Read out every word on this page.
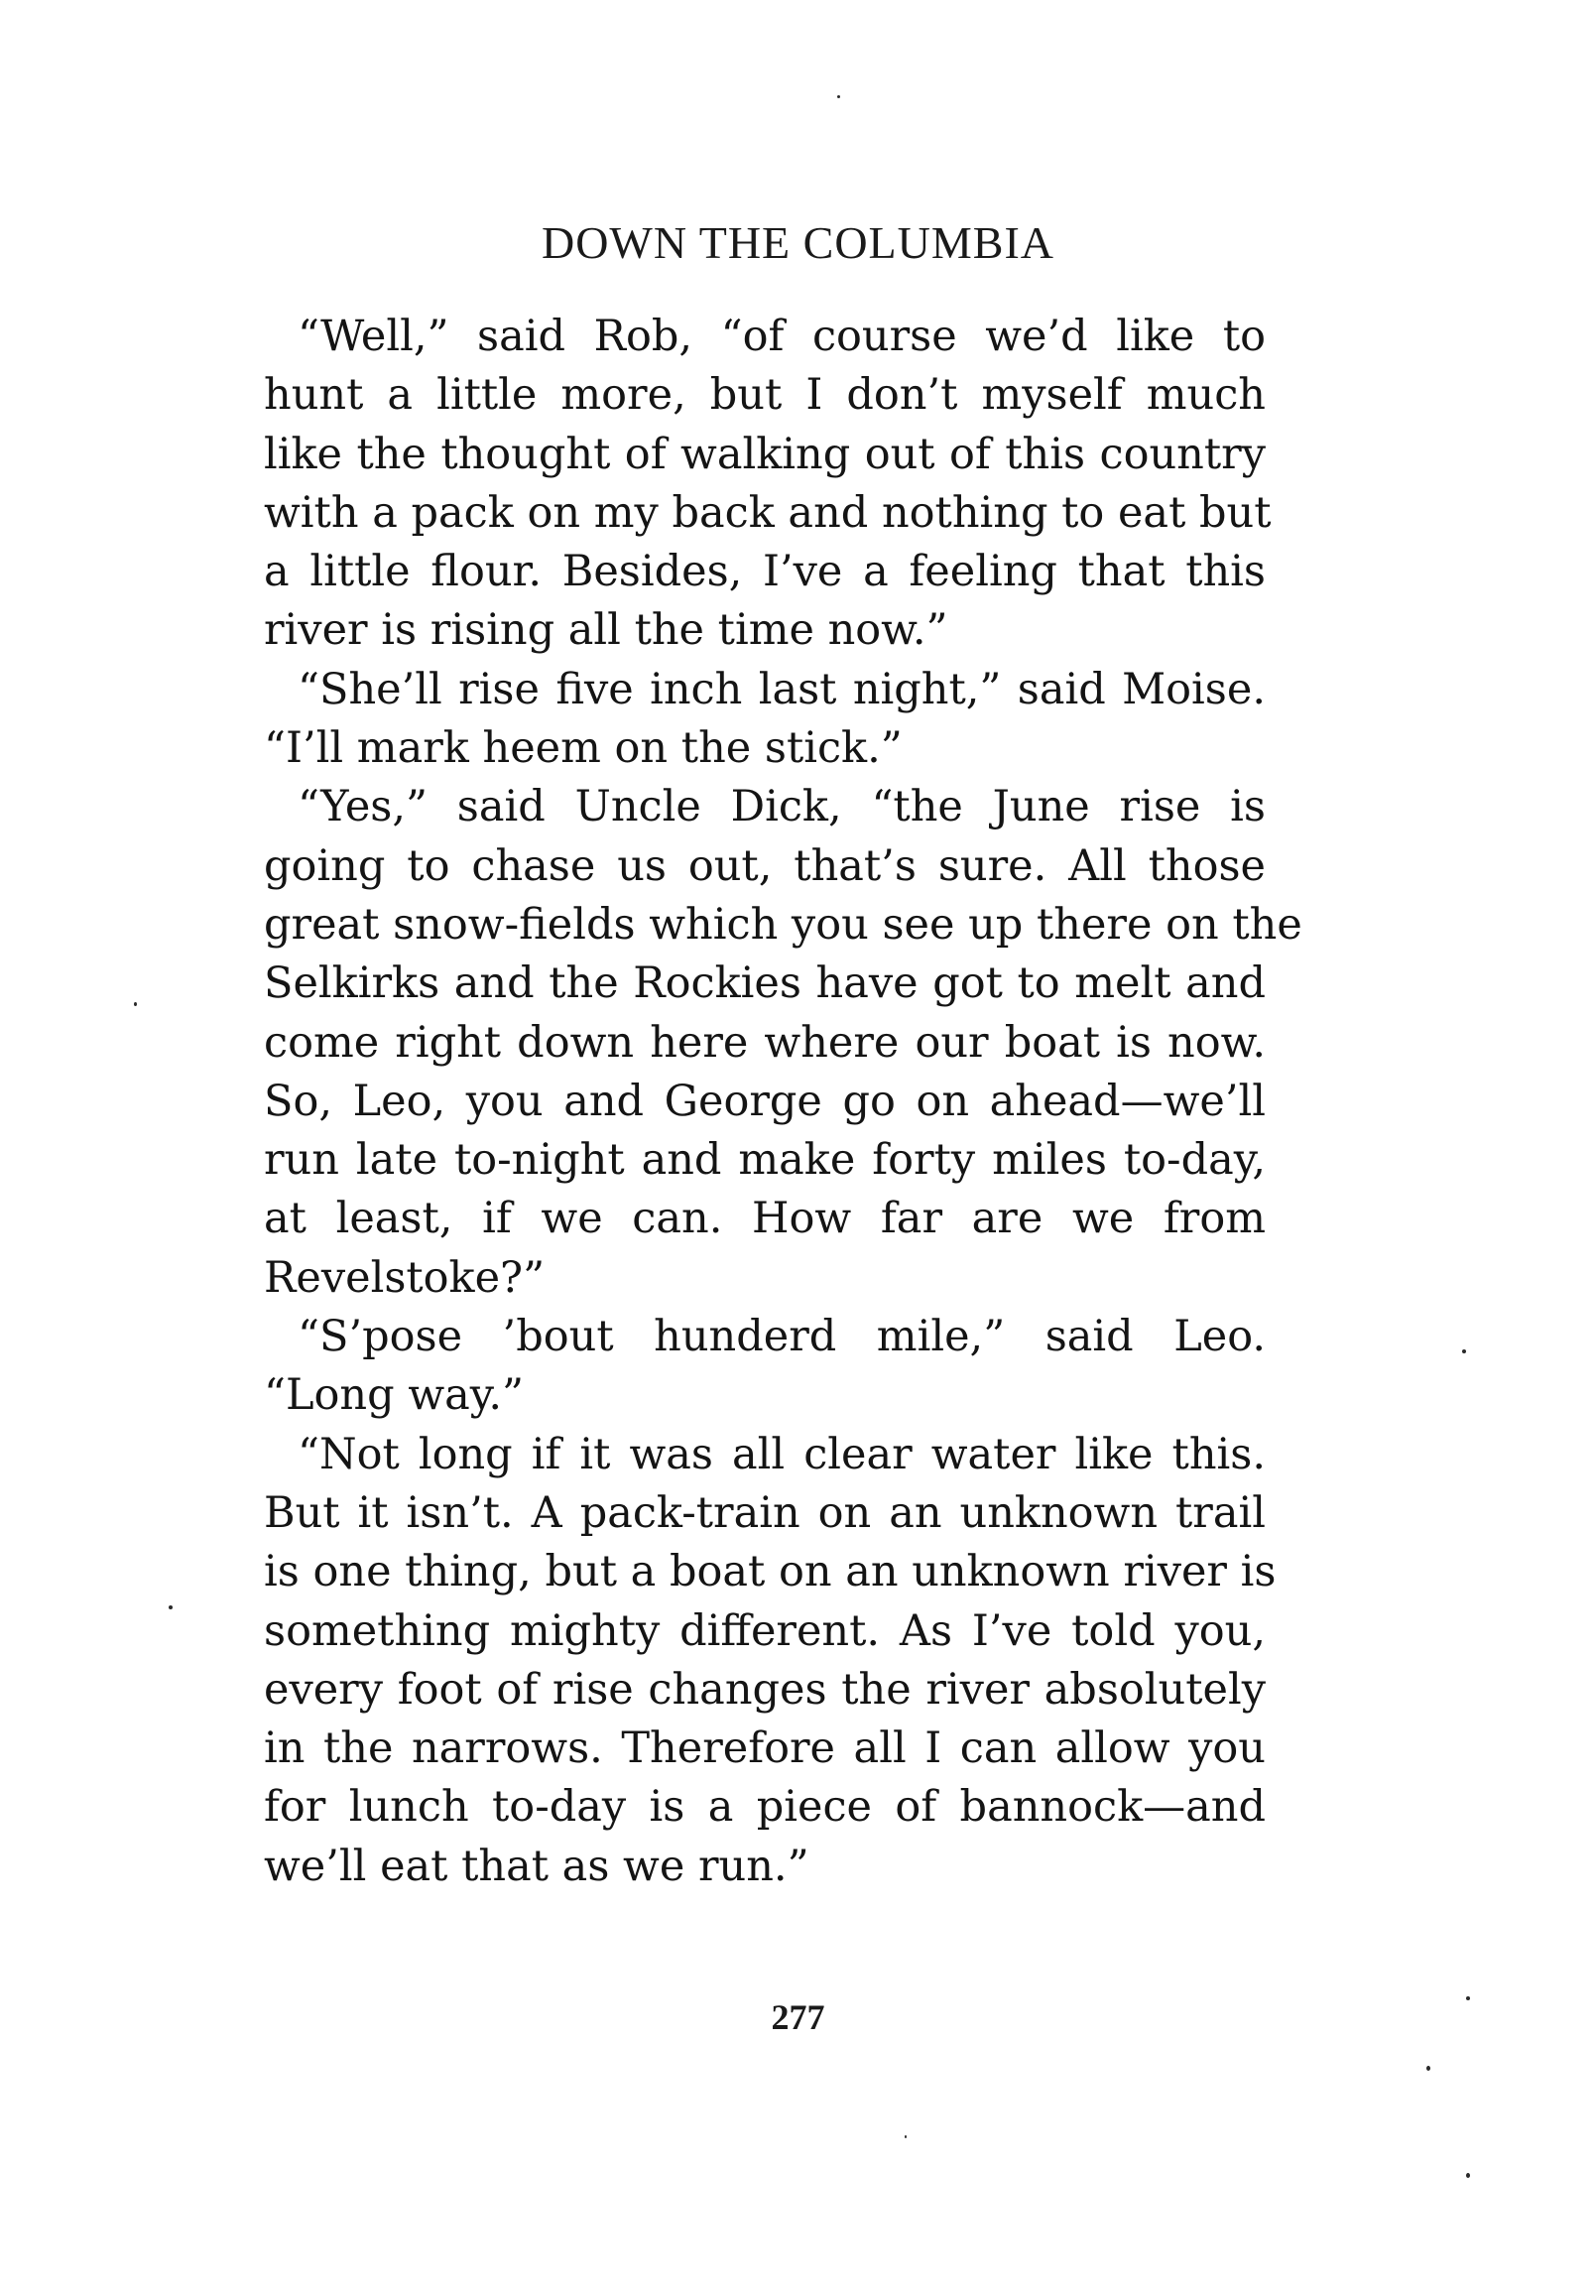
DOWN THE COLUMBIA
“Well,” said Rob, “of course we’d like to
hunt a little more, but I don’t myself much
like the thought of walking out of this country
with a pack on my back and nothing to eat but
a little flour. Besides, I’ve a feeling that this
river is rising all the time now.”
“She’ll rise five inch last night,” said Moise.
“I’ll mark heem on the stick.”
“Yes,” said Uncle Dick, “the June rise is
going to chase us out, that’s sure. All those
great snow-fields which you see up there on the
Selkirks and the Rockies have got to melt and
come right down here where our boat is now.
So, Leo, you and George go on ahead—we’ll
run late to-night and make forty miles to-day,
at least, if we can. How far are we from
Revelstoke?”
“S’pose ’bout hunderd mile,” said Leo.
“Long way.”
“Not long if it was all clear water like this.
But it isn’t. A pack-train on an unknown trail
is one thing, but a boat on an unknown river is
something mighty different. As I’ve told you,
every foot of rise changes the river absolutely
in the narrows. Therefore all I can allow you
for lunch to-day is a piece of bannock—and
we’ll eat that as we run.”
277
